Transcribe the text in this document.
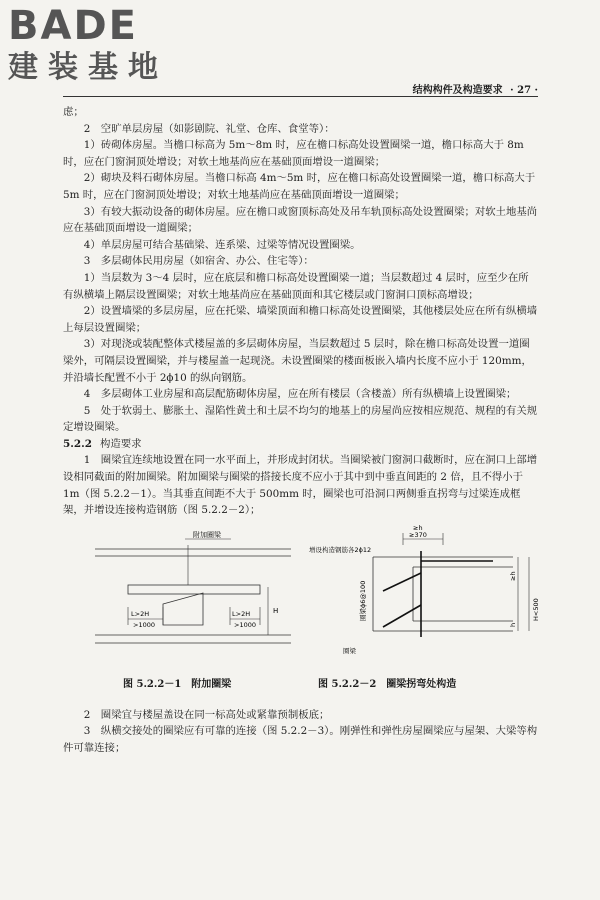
BADE
建装基地
结构构件及构造要求 · 27 ·

虑；

2　空旷单层房屋（如影剧院、礼堂、仓库、食堂等）：

1）砖砌体房屋。当檐口标高为 5m～8m 时，应在檐口标高处设置圈梁一道，檐口标高大于 8m 时，应在门窗洞顶处增设；对软土地基尚应在基础顶面增设一道圈梁；

2）砌块及料石砌体房屋。当檐口标高 4m～5m 时，应在檐口标高处设置圈梁一道，檐口标高大于 5m 时，应在门窗洞顶处增设；对软土地基尚应在基础顶面增设一道圈梁；

3）有较大振动设备的砌体房屋。应在檐口或窗顶标高处及吊车轨顶标高处设置圈梁；对软土地基尚应在基础顶面增设一道圈梁；

4）单层房屋可结合基础梁、连系梁、过梁等情况设置圈梁。

3　多层砌体民用房屋（如宿舍、办公、住宅等）：

1）当层数为 3～4 层时，应在底层和檐口标高处设置圈梁一道；当层数超过 4 层时，应至少在所有纵横墙上隔层设置圈梁；对软土地基尚应在基础顶面和其它楼层或门窗洞口顶标高增设；

2）设置墙梁的多层房屋，应在托梁、墙梁顶面和檐口标高处设置圈梁，其他楼层处应在所有纵横墙上每层设置圈梁；

3）对现浇或装配整体式楼屋盖的多层砌体房屋，当层数超过 5 层时，除在檐口标高处设置一道圈梁外，可隔层设置圈梁，并与楼屋盖一起现浇。未设置圈梁的楼面板嵌入墙内长度不应小于 120mm，并沿墙长配置不小于 2ϕ10 的纵向钢筋。

4　多层砌体工业房屋和高层配筋砌体房屋，应在所有楼层（含楼盖）所有纵横墙上设置圈梁；

5　处于软弱土、膨胀土、湿陷性黄土和土层不均匀的地基上的房屋尚应按相应规范、规程的有关规定增设圈梁。

5.2.2 构造要求

1　圈梁宜连续地设置在同一水平面上，并形成封闭状。当圈梁被门窗洞口截断时，应在洞口上部增设相同截面的附加圈梁。附加圈梁与圈梁的搭接长度不应小于其中到中垂直间距的 2 倍，且不得小于 1m（图 5.2.2－1）。当其垂直间距不大于 500mm 时，圈梁也可沿洞口两侧垂直拐弯与过梁连成框架，并增设连接构造钢筋（图 5.2.2－2）；

附加圈梁
H
L>2H
>1000
L>2H
>1000
≥h
≥370
增设构造钢筋各2ϕ12
圈梁ϕ6@100
圈梁
≥h
H<500
h
图 5.2.2－1　附加圈梁	图 5.2.2－2　圈梁拐弯处构造

2　圈梁宜与楼屋盖设在同一标高处或紧靠预制板底；

3　纵横交接处的圈梁应有可靠的连接（图 5.2.2－3）。刚弹性和弹性房屋圈梁应与屋架、大梁等构件可靠连接；
